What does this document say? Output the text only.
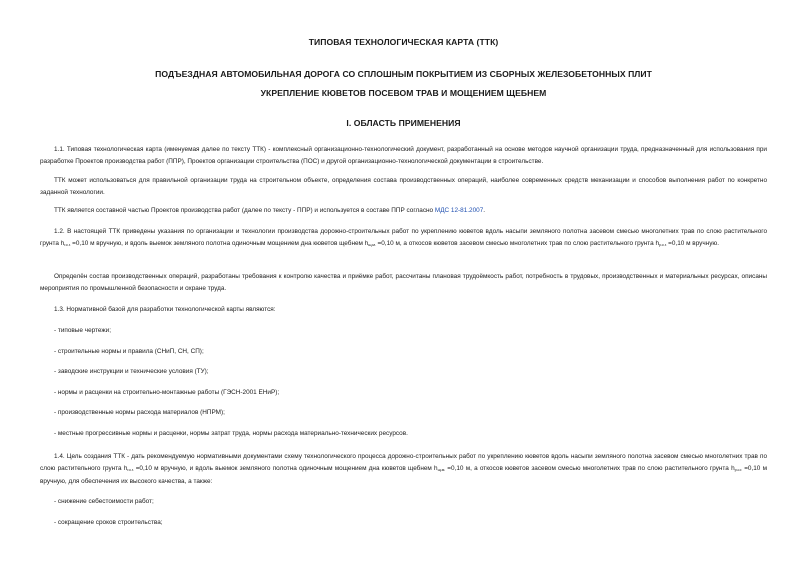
ТИПОВАЯ ТЕХНОЛОГИЧЕСКАЯ КАРТА (ТТК)
ПОДЪЕЗДНАЯ АВТОМОБИЛЬНАЯ ДОРОГА СО СПЛОШНЫМ ПОКРЫТИЕМ ИЗ СБОРНЫХ ЖЕЛЕЗОБЕТОННЫХ ПЛИТ
УКРЕПЛЕНИЕ КЮВЕТОВ ПОСЕВОМ ТРАВ И МОЩЕНИЕМ ЩЕБНЕМ
I. ОБЛАСТЬ ПРИМЕНЕНИЯ
1.1. Типовая технологическая карта (именуемая далее по тексту ТТК) - комплексный организационно-технологический документ, разработанный на основе методов научной организации труда, предназначенный для использования при разработке Проектов производства работ (ППР), Проектов организации строительства (ПОС) и другой организационно-технологической документации в строительстве.
ТТК может использоваться для правильной организации труда на строительном объекте, определения состава производственных операций, наиболее современных средств механизации и способов выполнения работ по конкретно заданной технологии.
ТТК является составной частью Проектов производства работ (далее по тексту - ППР) и используется в составе ППР согласно МДС 12-81.2007.
1.2. В настоящей ТТК приведены указания по организации и технологии производства дорожно-строительных работ по укреплению кюветов вдоль насыпи земляного полотна засевом смесью многолетних трав по слою растительного грунта hг.с.г. =0,10 м вручную, и вдоль выемок земляного полотна одиночным мощением дна кюветов щебнем hщ.м. =0,10 м, а откосов кюветов засевом смесью многолетних трав по слою растительного грунта hр.с.г. =0,10 м вручную.
Определён состав производственных операций, разработаны требования к контролю качества и приёмке работ, рассчитаны плановая трудоёмкость работ, потребность в трудовых, производственных и материальных ресурсах, описаны мероприятия по промышленной безопасности и охране труда.
1.3. Нормативной базой для разработки технологической карты являются:
- типовые чертежи;
- строительные нормы и правила (СНиП, СН, СП);
- заводские инструкции и технические условия (ТУ);
- нормы и расценки на строительно-монтажные работы (ГЭСН-2001 ЕНиР);
- производственные нормы расхода материалов (НПРМ);
- местные прогрессивные нормы и расценки, нормы затрат труда, нормы расхода материально-технических ресурсов.
1.4. Цель создания ТТК - дать рекомендуемую нормативными документами схему технологического процесса дорожно-строительных работ по укреплению кюветов вдоль насыпи земляного полотна засевом смесью многолетних трав по слою растительного грунта hг.с.г. =0,10 м вручную, и вдоль выемок земляного полотна одиночным мощением дна кюветов щебнем hщ.м. =0,10 м, а откосов кюветов засевом смесью многолетних трав по слою растительного грунта hр.с.г. =0,10 м вручную, для обеспечения их высокого качества, а также:
- снижение себестоимости работ;
- сокращение сроков строительства;
